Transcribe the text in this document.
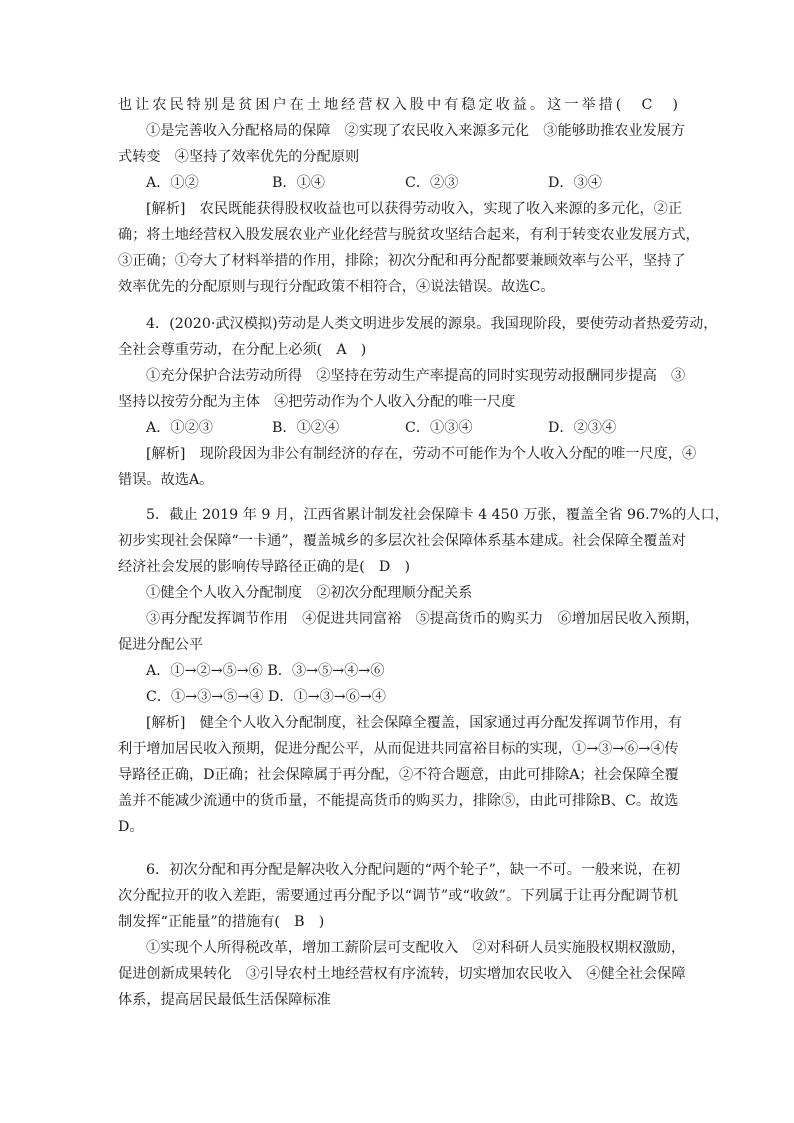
也让农民特别是贫困户在土地经营权入股中有稳定收益。这一举措(　C　)
①是完善收入分配格局的保障　②实现了农民收入来源多元化　③能够助推农业发展方
式转变　④坚持了效率优先的分配原则
A．①②	B．①④	C．②③	D．③④
[解析]　农民既能获得股权收益也可以获得劳动收入，实现了收入来源的多元化，②正
确；将土地经营权入股发展农业产业化经营与脱贫攻坚结合起来，有利于转变农业发展方式，
③正确；①夸大了材料举措的作用，排除；初次分配和再分配都要兼顾效率与公平，坚持了
效率优先的分配原则与现行分配政策不相符合，④说法错误。故选C。
4．(2020·武汉模拟)劳动是人类文明进步发展的源泉。我国现阶段，要使劳动者热爱劳动，
全社会尊重劳动，在分配上必须(　A　)
①充分保护合法劳动所得　②坚持在劳动生产率提高的同时实现劳动报酬同步提高　③
坚持以按劳分配为主体　④把劳动作为个人收入分配的唯一尺度
A．①②③	B．①②④	C．①③④	D．②③④
[解析]　现阶段因为非公有制经济的存在，劳动不可能作为个人收入分配的唯一尺度，④
错误。故选A。
5．截止 2019 年 9 月，江西省累计制发社会保障卡 4 450 万张，覆盖全省 96.7%的人口，
初步实现社会保障“一卡通”，覆盖城乡的多层次社会保障体系基本建成。社会保障全覆盖对
经济社会发展的影响传导路径正确的是(　D　)
①健全个人收入分配制度　②初次分配理顺分配关系
③再分配发挥调节作用　④促进共同富裕　⑤提高货币的购买力　⑥增加居民收入预期，
促进分配公平
A．①→②→⑤→⑥ B．③→⑤→④→⑥
C．①→③→⑤→④ D．①→③→⑥→④
[解析]　健全个人收入分配制度，社会保障全覆盖，国家通过再分配发挥调节作用，有
利于增加居民收入预期，促进分配公平，从而促进共同富裕目标的实现，①→③→⑥→④传
导路径正确，D正确；社会保障属于再分配，②不符合题意，由此可排除A；社会保障全覆
盖并不能减少流通中的货币量，不能提高货币的购买力，排除⑤，由此可排除B、C。故选
D。
6．初次分配和再分配是解决收入分配问题的“两个轮子”，缺一不可。一般来说，在初
次分配拉开的收入差距，需要通过再分配予以“调节”或“收敛”。下列属于让再分配调节机
制发挥“正能量”的措施有(　B　)
①实现个人所得税改革，增加工薪阶层可支配收入　②对科研人员实施股权期权激励，
促进创新成果转化　③引导农村土地经营权有序流转，切实增加农民收入　④健全社会保障
体系，提高居民最低生活保障标准
